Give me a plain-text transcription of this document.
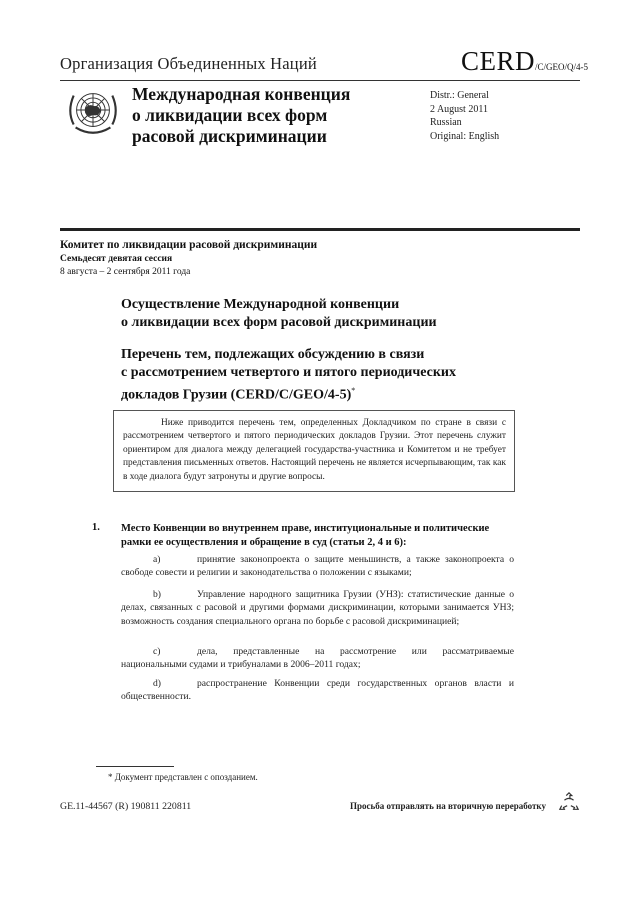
Организация Объединенных Наций	CERD/C/GEO/Q/4-5
Международная конвенция
о ликвидации всех форм
расовой дискриминации
Distr.: General
2 August 2011
Russian
Original: English
Комитет по ликвидации расовой дискриминации
Семьдесят девятая сессия
8 августа – 2 сентября 2011 года
Осуществление Международной конвенции
о ликвидации всех форм расовой дискриминации
Перечень тем, подлежащих обсуждению в связи
с рассмотрением четвертого и пятого периодических
докладов Грузии (CERD/C/GEO/4-5)*

Ниже приводится перечень тем, определенных Докладчиком по стране в связи с рассмотрением четвертого и пятого периодических докладов Грузии. Этот перечень служит ориентиром для диалога между делегацией государства-участника и Комитетом и не требует представления письменных ответов. Настоящий перечень не является исчерпывающим, так как в ходе диалога будут затронуты и другие вопросы.

1. Место Конвенции во внутреннем праве, институциональные и политические рамки ее осуществления и обращение в суд (статьи 2, 4 и 6):
a)	принятие законопроекта о защите меньшинств, а также законопроекта о свободе совести и религии и законодательства о положении с языками;
b)	Управление народного защитника Грузии (УНЗ): статистические данные о делах, связанных с расовой и другими формами дискриминации, которыми занимается УНЗ; возможность создания специального органа по борьбе с расовой дискриминацией;
c)	дела, представленные на рассмотрение или рассматриваемые национальными судами и трибуналами в 2006–2011 годах;
d)	распространение Конвенции среди государственных органов власти и общественности.
* Документ представлен с опозданием.
GE.11-44567 (R) 190811 220811	Просьба отправлять на вторичную переработку
